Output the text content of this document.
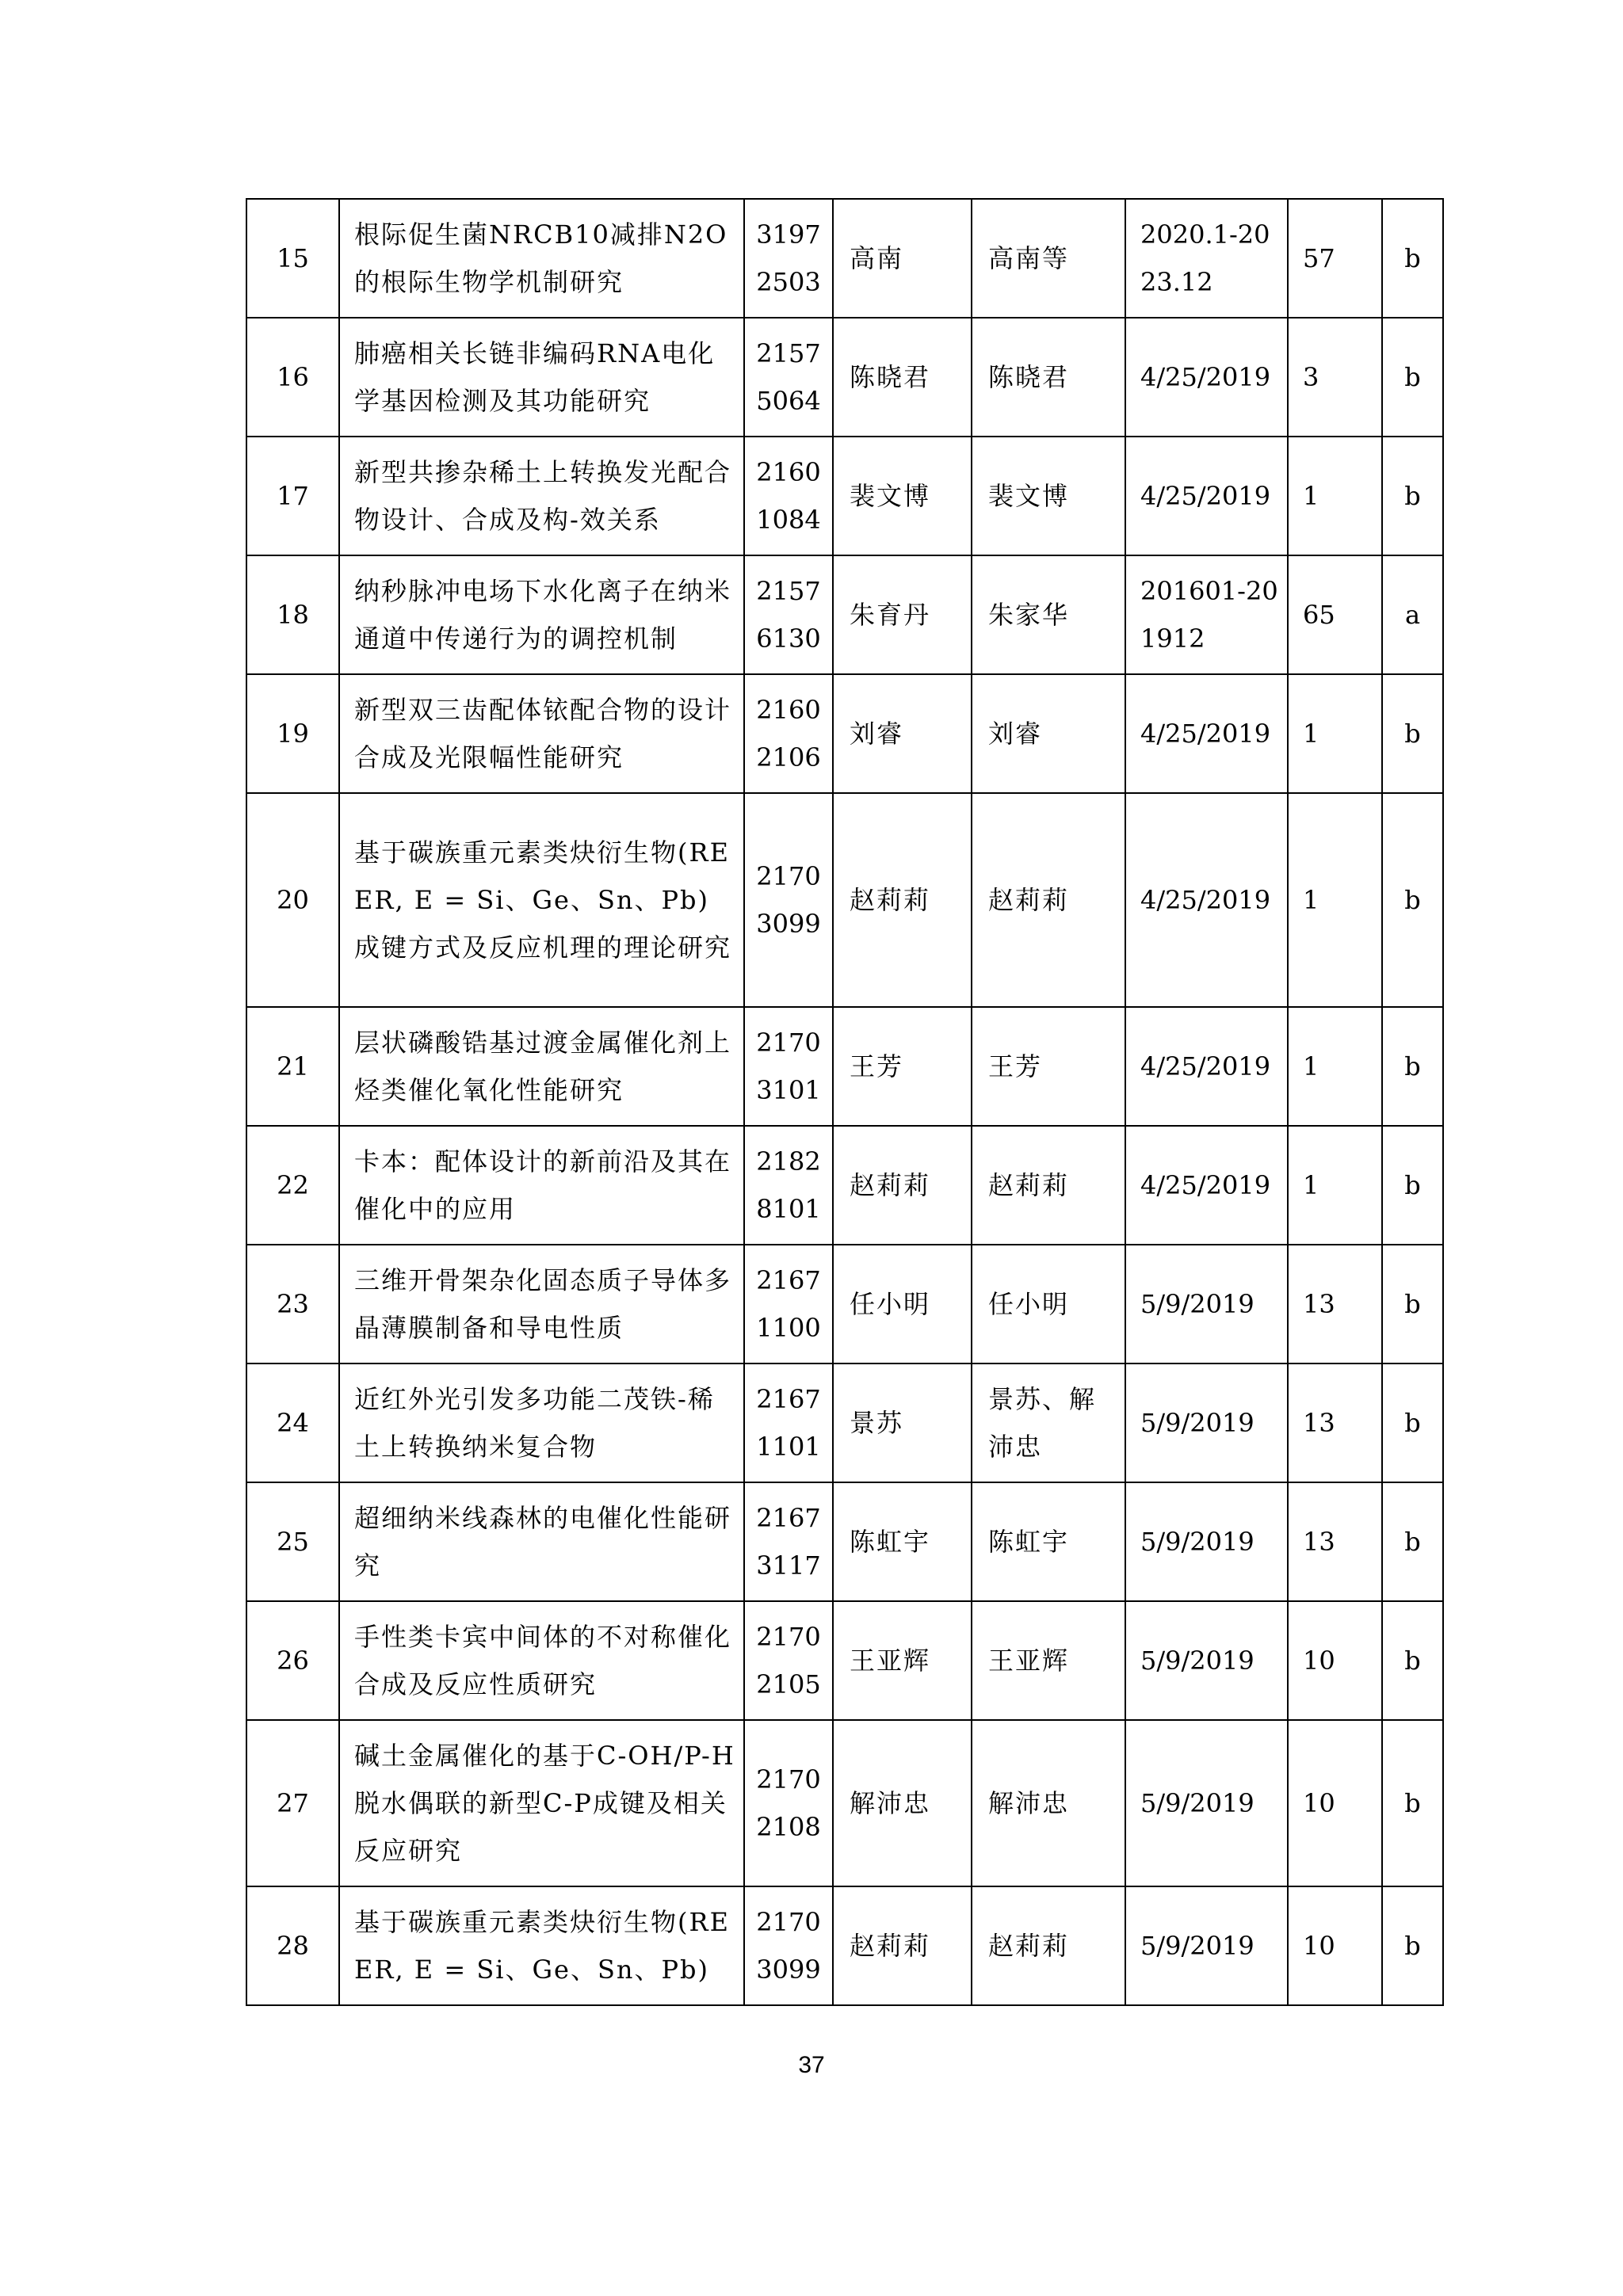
15	根际促生菌NRCB10减排N2O的根际生物学机制研究	31972503	高南	高南等	2020.1-2023.12	57	b
16	肺癌相关长链非编码RNA电化学基因检测及其功能研究	21575064	陈晓君	陈晓君	4/25/2019	3	b
17	新型共掺杂稀土上转换发光配合物设计、合成及构-效关系	21601084	裴文博	裴文博	4/25/2019	1	b
18	纳秒脉冲电场下水化离子在纳米通道中传递行为的调控机制	21576130	朱育丹	朱家华	201601-201912	65	a
19	新型双三齿配体铱配合物的设计合成及光限幅性能研究	21602106	刘睿	刘睿	4/25/2019	1	b
20	基于碳族重元素类炔衍生物(REER, E = Si、Ge、Sn、Pb)成键方式及反应机理的理论研究	21703099	赵莉莉	赵莉莉	4/25/2019	1	b
21	层状磷酸锆基过渡金属催化剂上烃类催化氧化性能研究	21703101	王芳	王芳	4/25/2019	1	b
22	卡本：配体设计的新前沿及其在催化中的应用	21828101	赵莉莉	赵莉莉	4/25/2019	1	b
23	三维开骨架杂化固态质子导体多晶薄膜制备和导电性质	21671100	任小明	任小明	5/9/2019	13	b
24	近红外光引发多功能二茂铁-稀土上转换纳米复合物	21671101	景苏	景苏、解沛忠	5/9/2019	13	b
25	超细纳米线森林的电催化性能研究	21673117	陈虹宇	陈虹宇	5/9/2019	13	b
26	手性类卡宾中间体的不对称催化合成及反应性质研究	21702105	王亚辉	王亚辉	5/9/2019	10	b
27	碱土金属催化的基于C-OH/P-H脱水偶联的新型C-P成键及相关反应研究	21702108	解沛忠	解沛忠	5/9/2019	10	b
28	基于碳族重元素类炔衍生物(REER, E = Si、Ge、Sn、Pb)	21703099	赵莉莉	赵莉莉	5/9/2019	10	b
37
